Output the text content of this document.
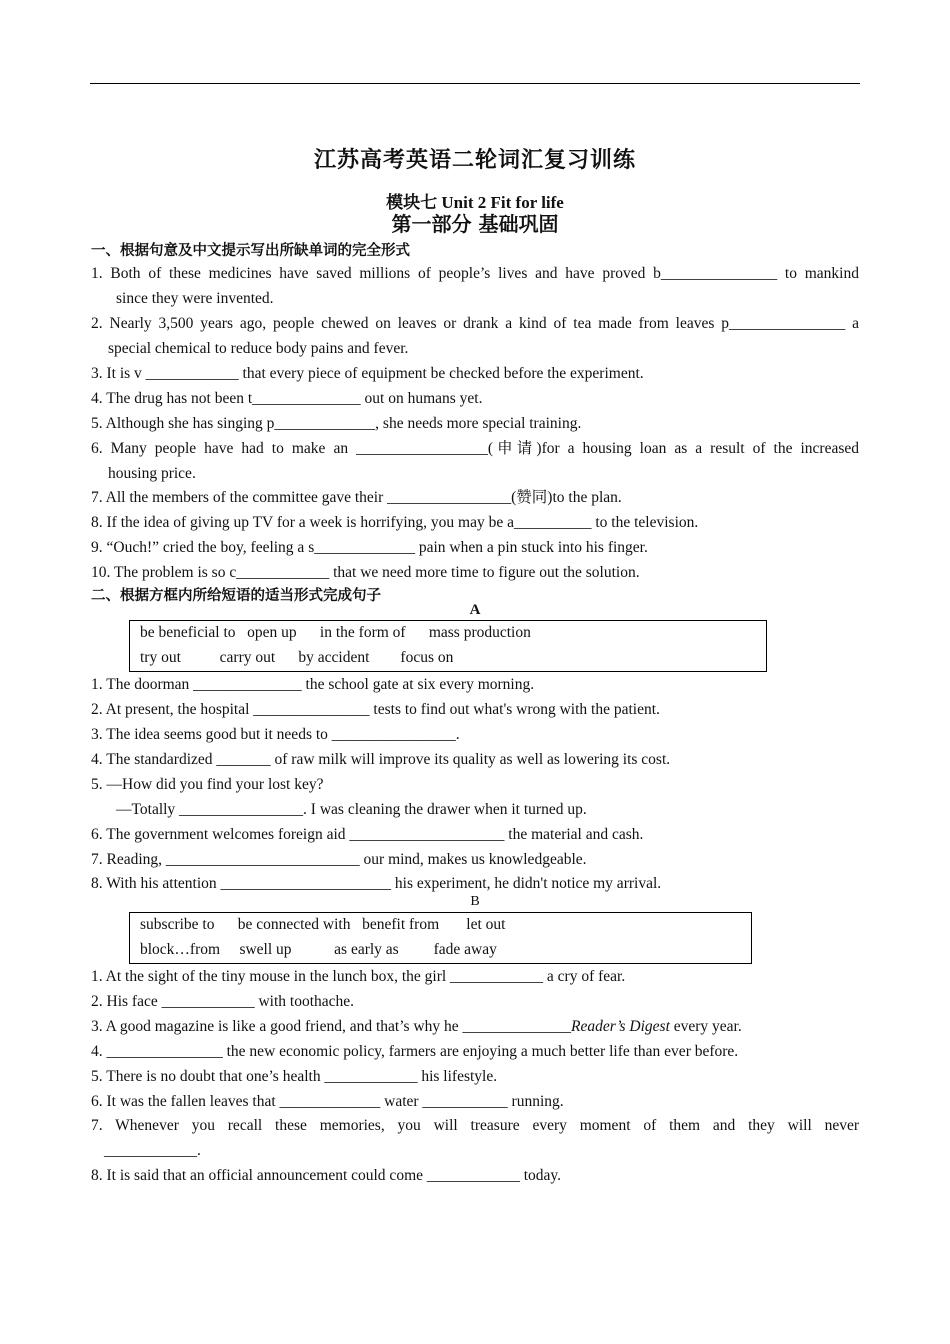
江苏高考英语二轮词汇复习训练
模块七 Unit 2 Fit for life
第一部分 基础巩固
一、根据句意及中文提示写出所缺单词的完全形式
1. Both of these medicines have saved millions of people’s lives and have proved b_______________ to mankind
since they were invented.
2. Nearly 3,500 years ago, people chewed on leaves or drank a kind of tea made from leaves p_______________ a
special chemical to reduce body pains and fever.
3. It is v ____________ that every piece of equipment be checked before the experiment.
4. The drug has not been t______________ out on humans yet.
5. Although she has singing p_____________, she needs more special training.
6. Many people have had to make an _________________(申请)for a housing loan as a result of the increased
housing price.
7. All the members of the committee gave their ________________(赞同)to the plan.
8. If the idea of giving up TV for a week is horrifying, you may be a__________ to the television.
9. “Ouch!” cried the boy, feeling a s_____________ pain when a pin stuck into his finger.
10. The problem is so c____________ that we need more time to figure out the solution.
二、根据方框内所给短语的适当形式完成句子
A
be beneficial to   open up      in the form of      mass production
try out          carry out      by accident        focus on
1. The doorman ______________ the school gate at six every morning.
2. At present, the hospital _______________ tests to find out what's wrong with the patient.
3. The idea seems good but it needs to ________________.
4. The standardized _______ of raw milk will improve its quality as well as lowering its cost.
5. —How did you find your lost key?
—Totally ________________. I was cleaning the drawer when it turned up.
6. The government welcomes foreign aid ____________________ the material and cash.
7. Reading, _________________________ our mind, makes us knowledgeable.
8. With his attention ______________________ his experiment, he didn't notice my arrival.
B
subscribe to      be connected with   benefit from       let out
block…from     swell up           as early as         fade away
1. At the sight of the tiny mouse in the lunch box, the girl ____________ a cry of fear.
2. His face ____________ with toothache.
3. A good magazine is like a good friend, and that’s why he ______________Reader’s Digest every year.
4. _______________ the new economic policy, farmers are enjoying a much better life than ever before.
5. There is no doubt that one’s health ____________ his lifestyle.
6. It was the fallen leaves that _____________ water ___________ running.
7. Whenever you recall these memories, you will treasure every moment of them and they will never
____________.
8. It is said that an official announcement could come ____________ today.
